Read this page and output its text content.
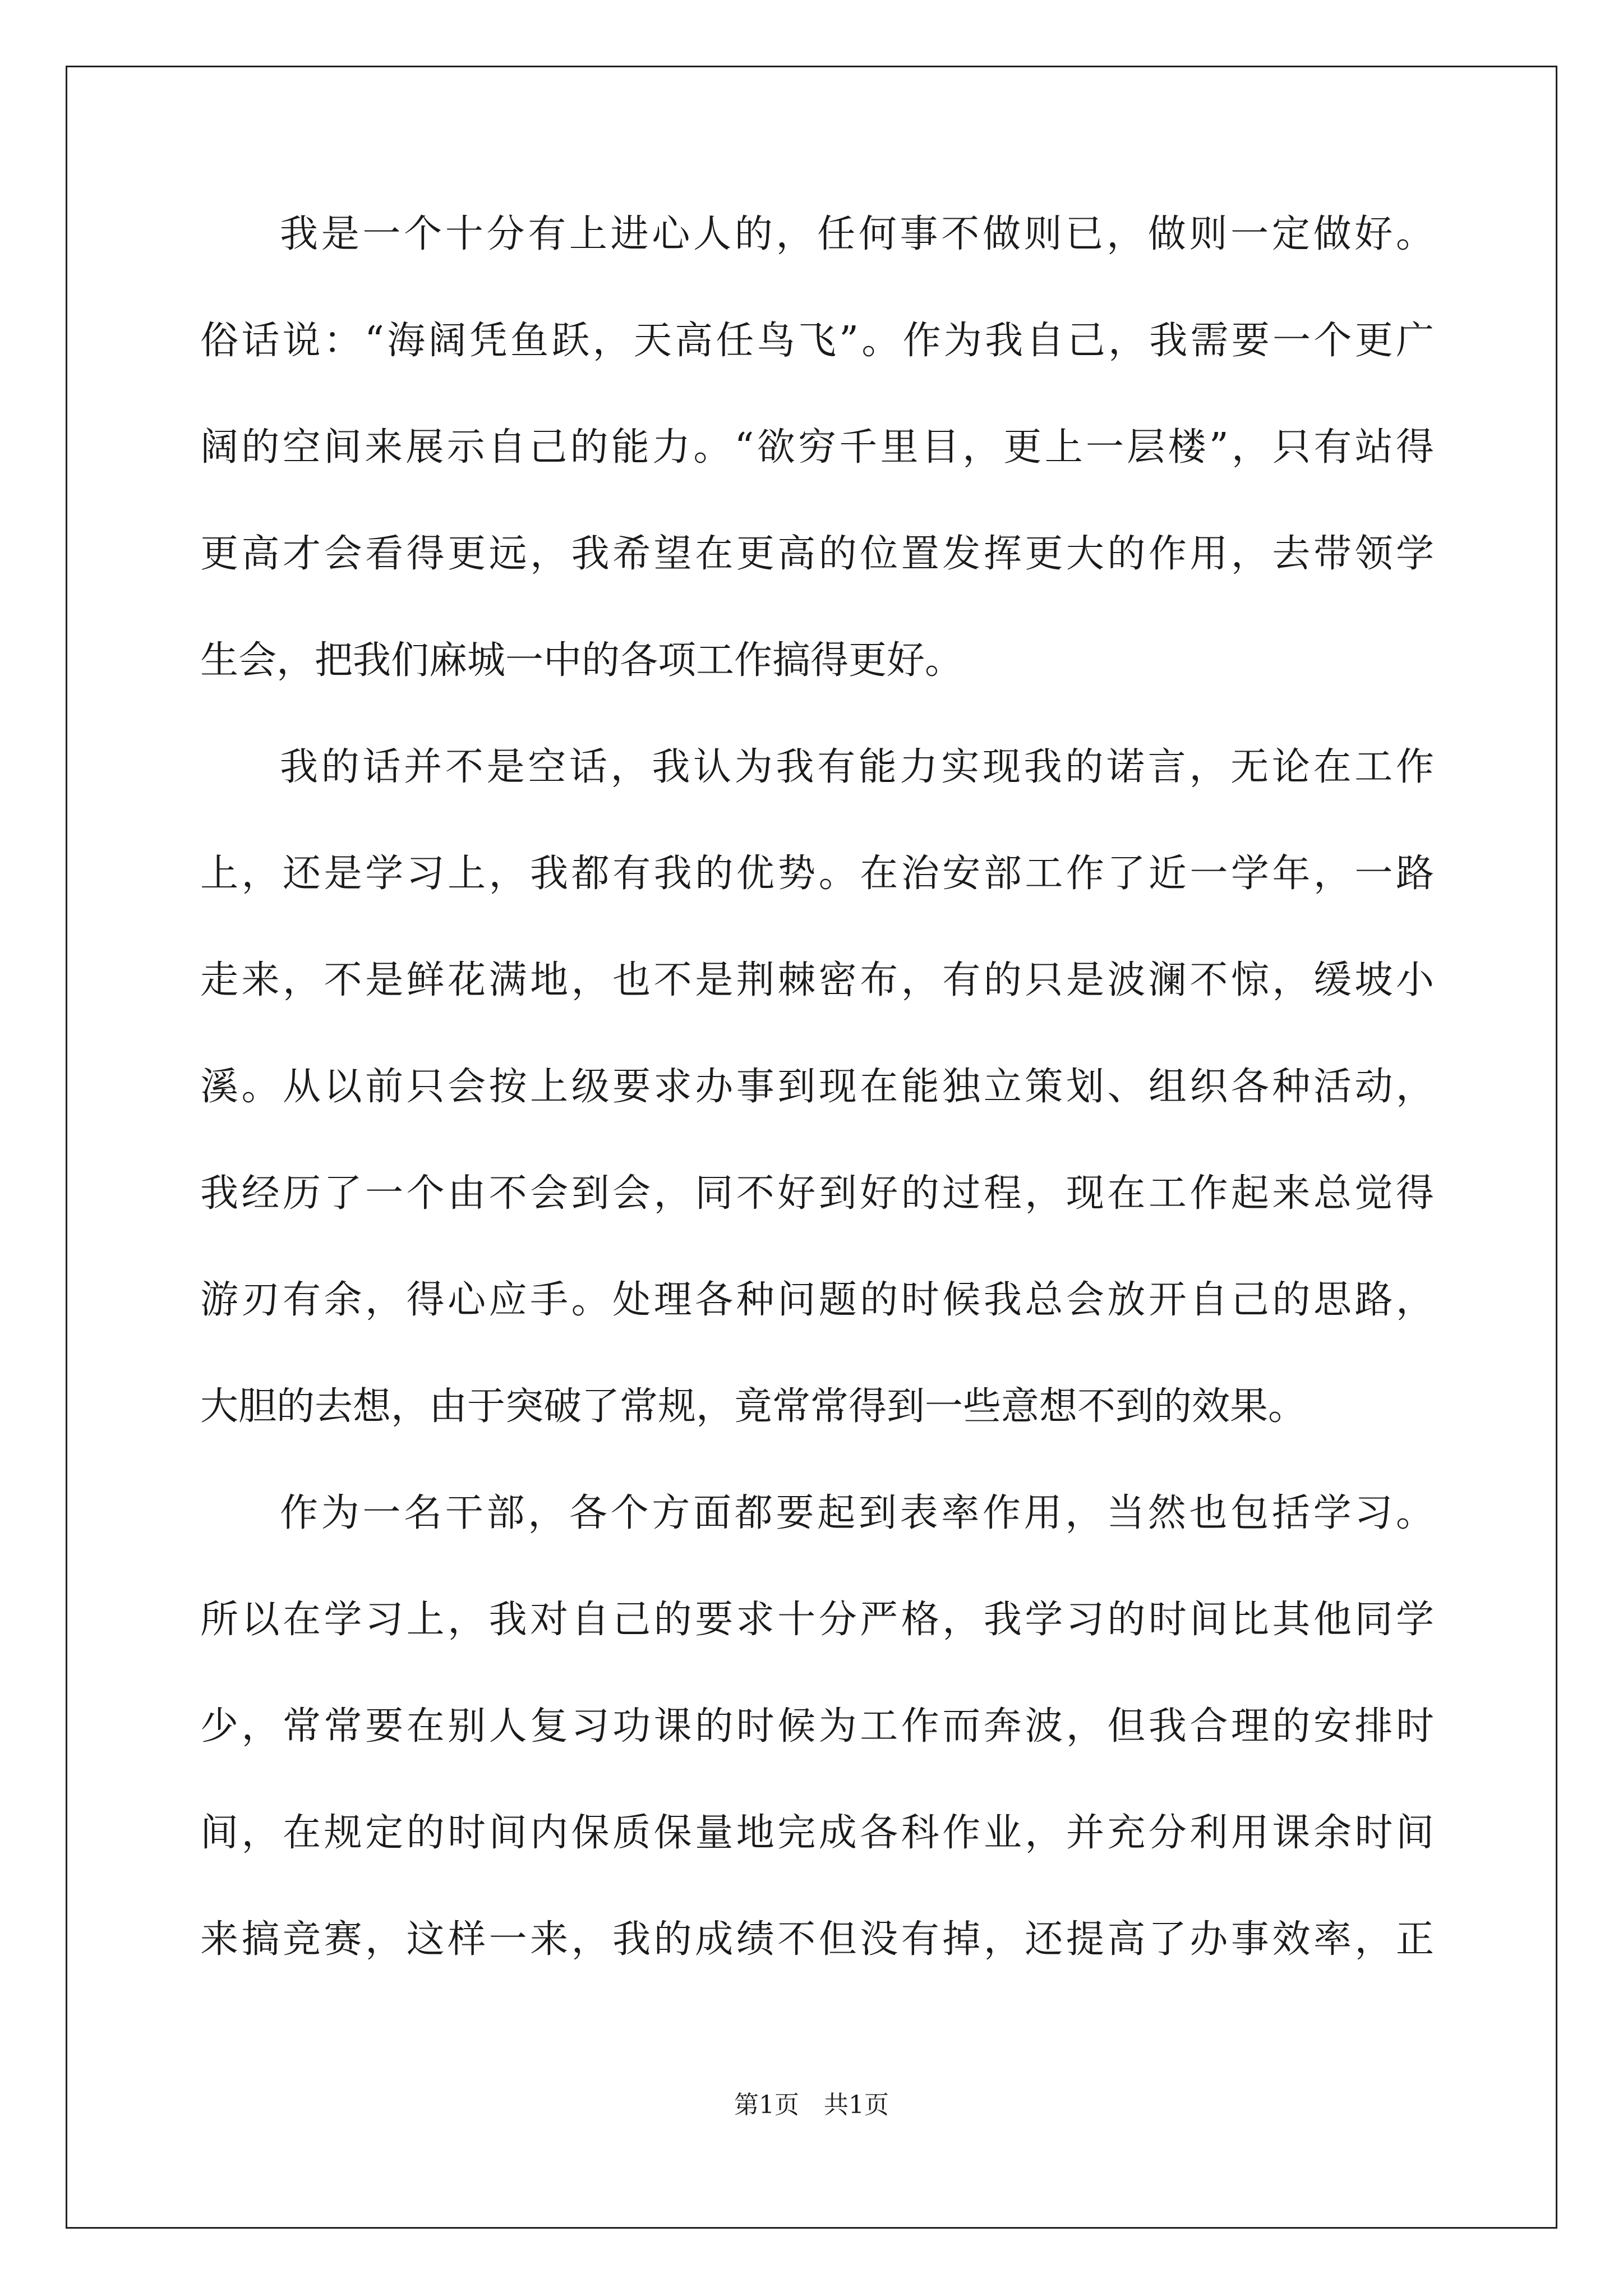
我是一个十分有上进心人的，任何事不做则已，做则一定做好。
俗话说：“海阔凭鱼跃，天高任鸟飞”。作为我自己，我需要一个更广
阔的空间来展示自己的能力。“欲穷千里目，更上一层楼”，只有站得
更高才会看得更远，我希望在更高的位置发挥更大的作用，去带领学
生会，把我们麻城一中的各项工作搞得更好。
我的话并不是空话，我认为我有能力实现我的诺言，无论在工作
上，还是学习上，我都有我的优势。在治安部工作了近一学年，一路
走来，不是鲜花满地，也不是荆棘密布，有的只是波澜不惊，缓坡小
溪。从以前只会按上级要求办事到现在能独立策划、组织各种活动，
我经历了一个由不会到会，同不好到好的过程，现在工作起来总觉得
游刃有余，得心应手。处理各种问题的时候我总会放开自己的思路，
大胆的去想，由于突破了常规，竟常常得到一些意想不到的效果。
作为一名干部，各个方面都要起到表率作用，当然也包括学习。
所以在学习上，我对自己的要求十分严格，我学习的时间比其他同学
少，常常要在别人复习功课的时候为工作而奔波，但我合理的安排时
间，在规定的时间内保质保量地完成各科作业，并充分利用课余时间
来搞竞赛，这样一来，我的成绩不但没有掉，还提高了办事效率，正
第1页 共1页
